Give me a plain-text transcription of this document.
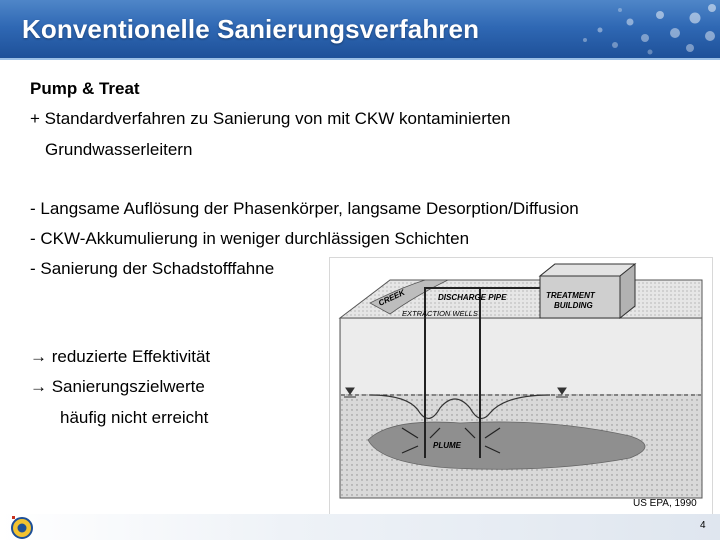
Konventionelle Sanierungsverfahren
Pump & Treat
+ Standardverfahren zu Sanierung von mit CKW kontaminierten
Grundwasserleitern
- Langsame Auflösung der Phasenkörper, langsame Desorption/Diffusion
- CKW-Akkumulierung in weniger durchlässigen Schichten
- Sanierung der Schadstofffahne
CREEK	DISCHARGE PIPE	TREATMENT
BUILDING
EXTRACTION WELLS
PLUME
→ reduzierte Effektivität
→ Sanierungszielwerte
häufig nicht erreicht
US EPA, 1990
4
